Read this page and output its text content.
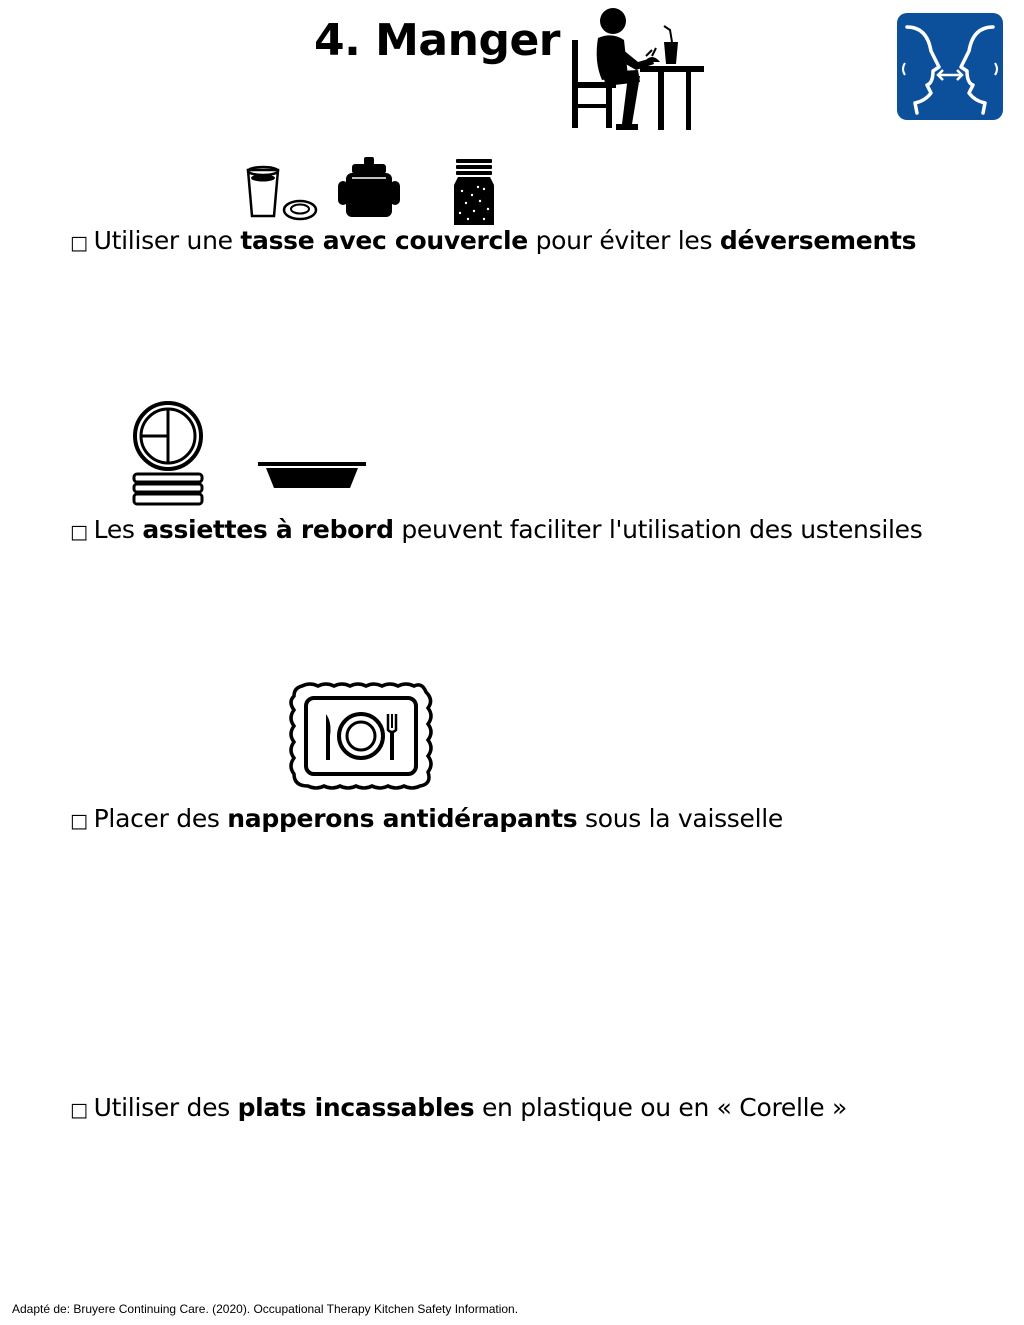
4. Manger
□ Utiliser une tasse avec couvercle pour éviter les déversements
□ Les assiettes à rebord peuvent faciliter l'utilisation des ustensiles
□ Placer des napperons antidérapants sous la vaisselle
□ Utiliser des plats incassables en plastique ou en « Corelle »
Adapté de: Bruyere Continuing Care. (2020). Occupational Therapy Kitchen Safety Information.
